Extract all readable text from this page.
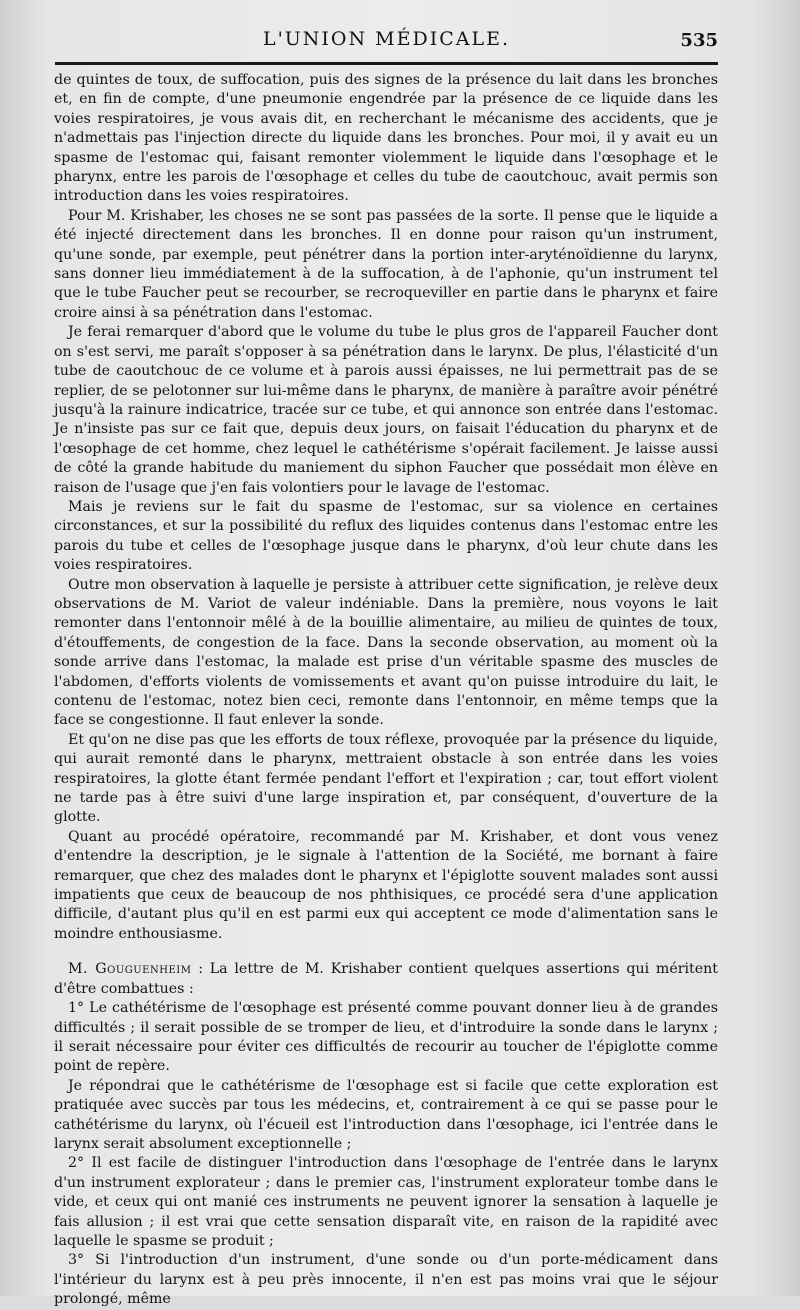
L'UNION MÉDICALE.	535

de quintes de toux, de suffocation, puis des signes de la présence du lait dans les bronches et, en fin de compte, d'une pneumonie engendrée par la présence de ce liquide dans les voies respiratoires, je vous avais dit, en recherchant le mécanisme des accidents, que je n'admettais pas l'injection directe du liquide dans les bronches. Pour moi, il y avait eu un spasme de l'estomac qui, faisant remonter violemment le liquide dans l'œsophage et le pharynx, entre les parois de l'œsophage et celles du tube de caoutchouc, avait permis son introduction dans les voies respiratoires.

Pour M. Krishaber, les choses ne se sont pas passées de la sorte. Il pense que le liquide a été injecté directement dans les bronches. Il en donne pour raison qu'un instrument, qu'une sonde, par exemple, peut pénétrer dans la portion inter-aryténoïdienne du larynx, sans donner lieu immédiatement à de la suffocation, à de l'aphonie, qu'un instrument tel que le tube Faucher peut se recourber, se recroqueviller en partie dans le pharynx et faire croire ainsi à sa pénétration dans l'estomac.

Je ferai remarquer d'abord que le volume du tube le plus gros de l'appareil Faucher dont on s'est servi, me paraît s'opposer à sa pénétration dans le larynx. De plus, l'élasticité d'un tube de caoutchouc de ce volume et à parois aussi épaisses, ne lui permettrait pas de se replier, de se pelotonner sur lui-même dans le pharynx, de manière à paraître avoir pénétré jusqu'à la rainure indicatrice, tracée sur ce tube, et qui annonce son entrée dans l'estomac. Je n'insiste pas sur ce fait que, depuis deux jours, on faisait l'éducation du pharynx et de l'œsophage de cet homme, chez lequel le cathétérisme s'opérait facilement. Je laisse aussi de côté la grande habitude du maniement du siphon Faucher que possédait mon élève en raison de l'usage que j'en fais volontiers pour le lavage de l'estomac.

Mais je reviens sur le fait du spasme de l'estomac, sur sa violence en certaines circonstances, et sur la possibilité du reflux des liquides contenus dans l'estomac entre les parois du tube et celles de l'œsophage jusque dans le pharynx, d'où leur chute dans les voies respiratoires.

Outre mon observation à laquelle je persiste à attribuer cette signification, je relève deux observations de M. Variot de valeur indéniable. Dans la première, nous voyons le lait remonter dans l'entonnoir mêlé à de la bouillie alimentaire, au milieu de quintes de toux, d'étouffements, de congestion de la face. Dans la seconde observation, au moment où la sonde arrive dans l'estomac, la malade est prise d'un véritable spasme des muscles de l'abdomen, d'efforts violents de vomissements et avant qu'on puisse introduire du lait, le contenu de l'estomac, notez bien ceci, remonte dans l'entonnoir, en même temps que la face se congestionne. Il faut enlever la sonde.

Et qu'on ne dise pas que les efforts de toux réflexe, provoquée par la présence du liquide, qui aurait remonté dans le pharynx, mettraient obstacle à son entrée dans les voies respiratoires, la glotte étant fermée pendant l'effort et l'expiration ; car, tout effort violent ne tarde pas à être suivi d'une large inspiration et, par conséquent, d'ouverture de la glotte.

Quant au procédé opératoire, recommandé par M. Krishaber, et dont vous venez d'entendre la description, je le signale à l'attention de la Société, me bornant à faire remarquer, que chez des malades dont le pharynx et l'épiglotte souvent malades sont aussi impatients que ceux de beaucoup de nos phthisiques, ce procédé sera d'une application difficile, d'autant plus qu'il en est parmi eux qui acceptent ce mode d'alimentation sans le moindre enthousiasme.

M. Gouguenheim : La lettre de M. Krishaber contient quelques assertions qui méritent d'être combattues :

1° Le cathétérisme de l'œsophage est présenté comme pouvant donner lieu à de grandes difficultés ; il serait possible de se tromper de lieu, et d'introduire la sonde dans le larynx ; il serait nécessaire pour éviter ces difficultés de recourir au toucher de l'épiglotte comme point de repère.

Je répondrai que le cathétérisme de l'œsophage est si facile que cette exploration est pratiquée avec succès par tous les médecins, et, contrairement à ce qui se passe pour le cathétérisme du larynx, où l'écueil est l'introduction dans l'œsophage, ici l'entrée dans le larynx serait absolument exceptionnelle ;

2° Il est facile de distinguer l'introduction dans l'œsophage de l'entrée dans le larynx d'un instrument explorateur ; dans le premier cas, l'instrument explorateur tombe dans le vide, et ceux qui ont manié ces instruments ne peuvent ignorer la sensation à laquelle je fais allusion ; il est vrai que cette sensation disparaît vite, en raison de la rapidité avec laquelle le spasme se produit ;

3° Si l'introduction d'un instrument, d'une sonde ou d'un porte-médicament dans l'intérieur du larynx est à peu près innocente, il n'en est pas moins vrai que le séjour prolongé, même
